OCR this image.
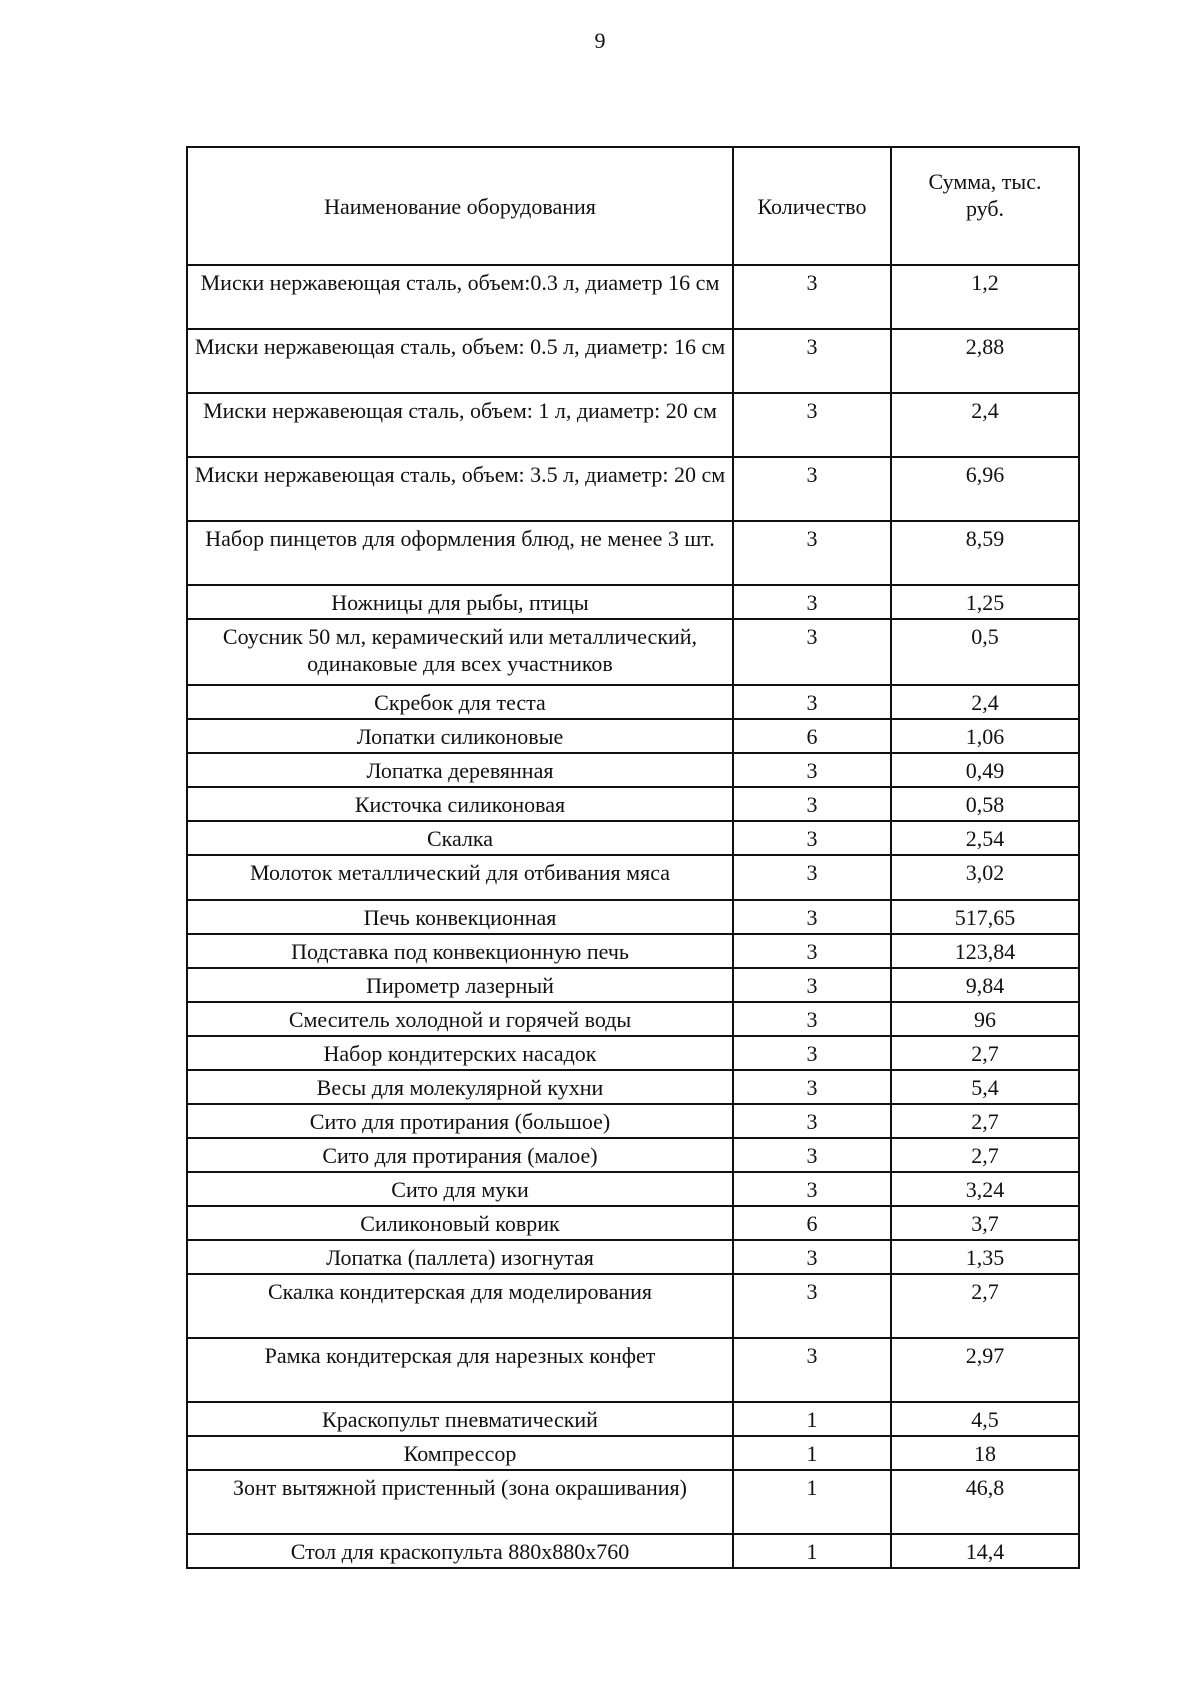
9
Наименование оборудования	Количество	Сумма, тыс.
руб.

Миски нержавеющая сталь, объем:0.3 л, диаметр 16 см	3	1,2
Миски нержавеющая сталь, объем: 0.5 л, диаметр: 16 см	3	2,88
Миски нержавеющая сталь, объем: 1 л, диаметр: 20 см	3	2,4
Миски нержавеющая сталь, объем: 3.5 л, диаметр: 20 см	3	6,96
Набор пинцетов для оформления блюд, не менее 3 шт.	3	8,59
Ножницы для рыбы, птицы	3	1,25
Соусник 50 мл, керамический или металлический, одинаковые для всех участников	3	0,5
Скребок для теста	3	2,4
Лопатки силиконовые	6	1,06
Лопатка деревянная	3	0,49
Кисточка силиконовая	3	0,58
Скалка	3	2,54
Молоток металлический для отбивания мяса	3	3,02
Печь конвекционная	3	517,65
Подставка под конвекционную печь	3	123,84
Пирометр лазерный	3	9,84
Смеситель холодной и горячей воды	3	96
Набор кондитерских насадок	3	2,7
Весы для молекулярной кухни	3	5,4
Сито для протирания (большое)	3	2,7
Сито для протирания (малое)	3	2,7
Сито для муки	3	3,24
Силиконовый коврик	6	3,7
Лопатка (паллета) изогнутая	3	1,35
Скалка кондитерская для моделирования	3	2,7
Рамка кондитерская для нарезных конфет	3	2,97
Краскопульт пневматический	1	4,5
Компрессор	1	18
Зонт вытяжной пристенный (зона окрашивания)	1	46,8
Стол для краскопульта 880х880х760	1	14,4
